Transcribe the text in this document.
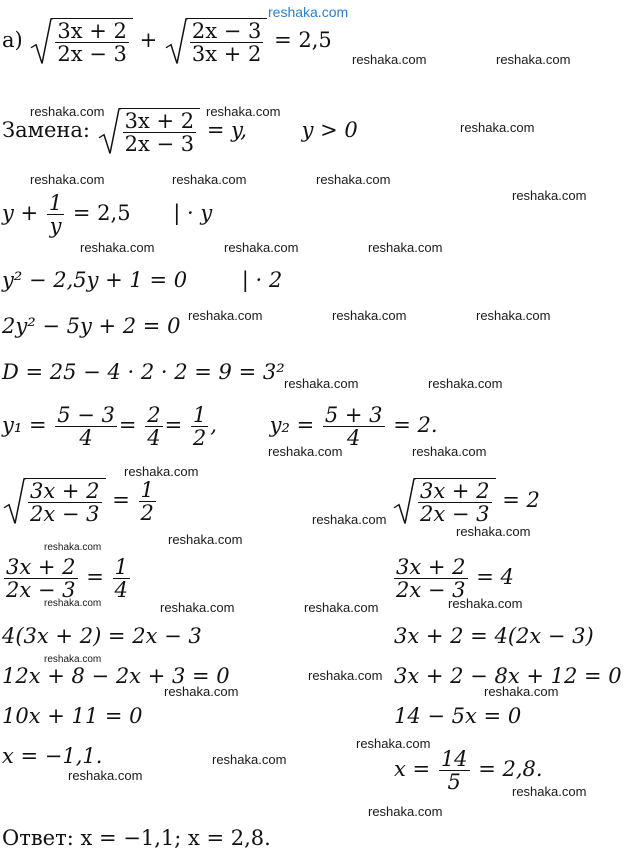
reshaka.com
$а) \frac{3x + 2}{2x - 3} + \frac{2x - 3}{3x + 2} = 2,5$
Замена: $\frac{3x + 2}{2x - 3} = y$,	y > 0
$y + \frac{1}{y} = 2,5$ | · y
y² − 2,5y + 1 = 0	| · 2
2y² − 5y + 2 = 0
D = 25 − 4 · 2 · 2 = 9 = 3²
$y_1 = \frac{5 - 3}{4} = \frac{2}{4} = \frac{1}{2}$ ,	$y_2 = \frac{5 + 3}{4} = 2$.
$\frac{3x + 2}{2x - 3} = \frac{1}{2}$
$\frac{3x + 2}{2x - 3} = \frac{1}{4}$
4(3x + 2) = 2x − 3
12x + 8 − 2x + 3 = 0
10x + 11 = 0
x = −1,1.
$\frac{3x + 2}{2x - 3} = 2$
$\frac{3x + 2}{2x - 3} = 4$
3x + 2 = 4(2x − 3)
3x + 2 − 8x + 12 = 0
14 − 5x = 0
$x = \frac{14}{5} = 2,8$.
Ответ: x = −1,1; x = 2,8.
reshaka.com	reshaka.com
reshaka.com	reshaka.com
reshaka.com
reshaka.com	reshaka.com	reshaka.com
reshaka.com
reshaka.com	reshaka.com	reshaka.com
reshaka.com	reshaka.com	reshaka.com
reshaka.com	reshaka.com
reshaka.com	reshaka.com
reshaka.com
reshaka.com
reshaka.com
reshaka.com
reshaka.com
reshaka.com	reshaka.com	reshaka.com
reshaka.com
reshaka.com
reshaka.com
reshaka.com	reshaka.com
reshaka.com
reshaka.com
reshaka.com
reshaka.com
reshaka.com
